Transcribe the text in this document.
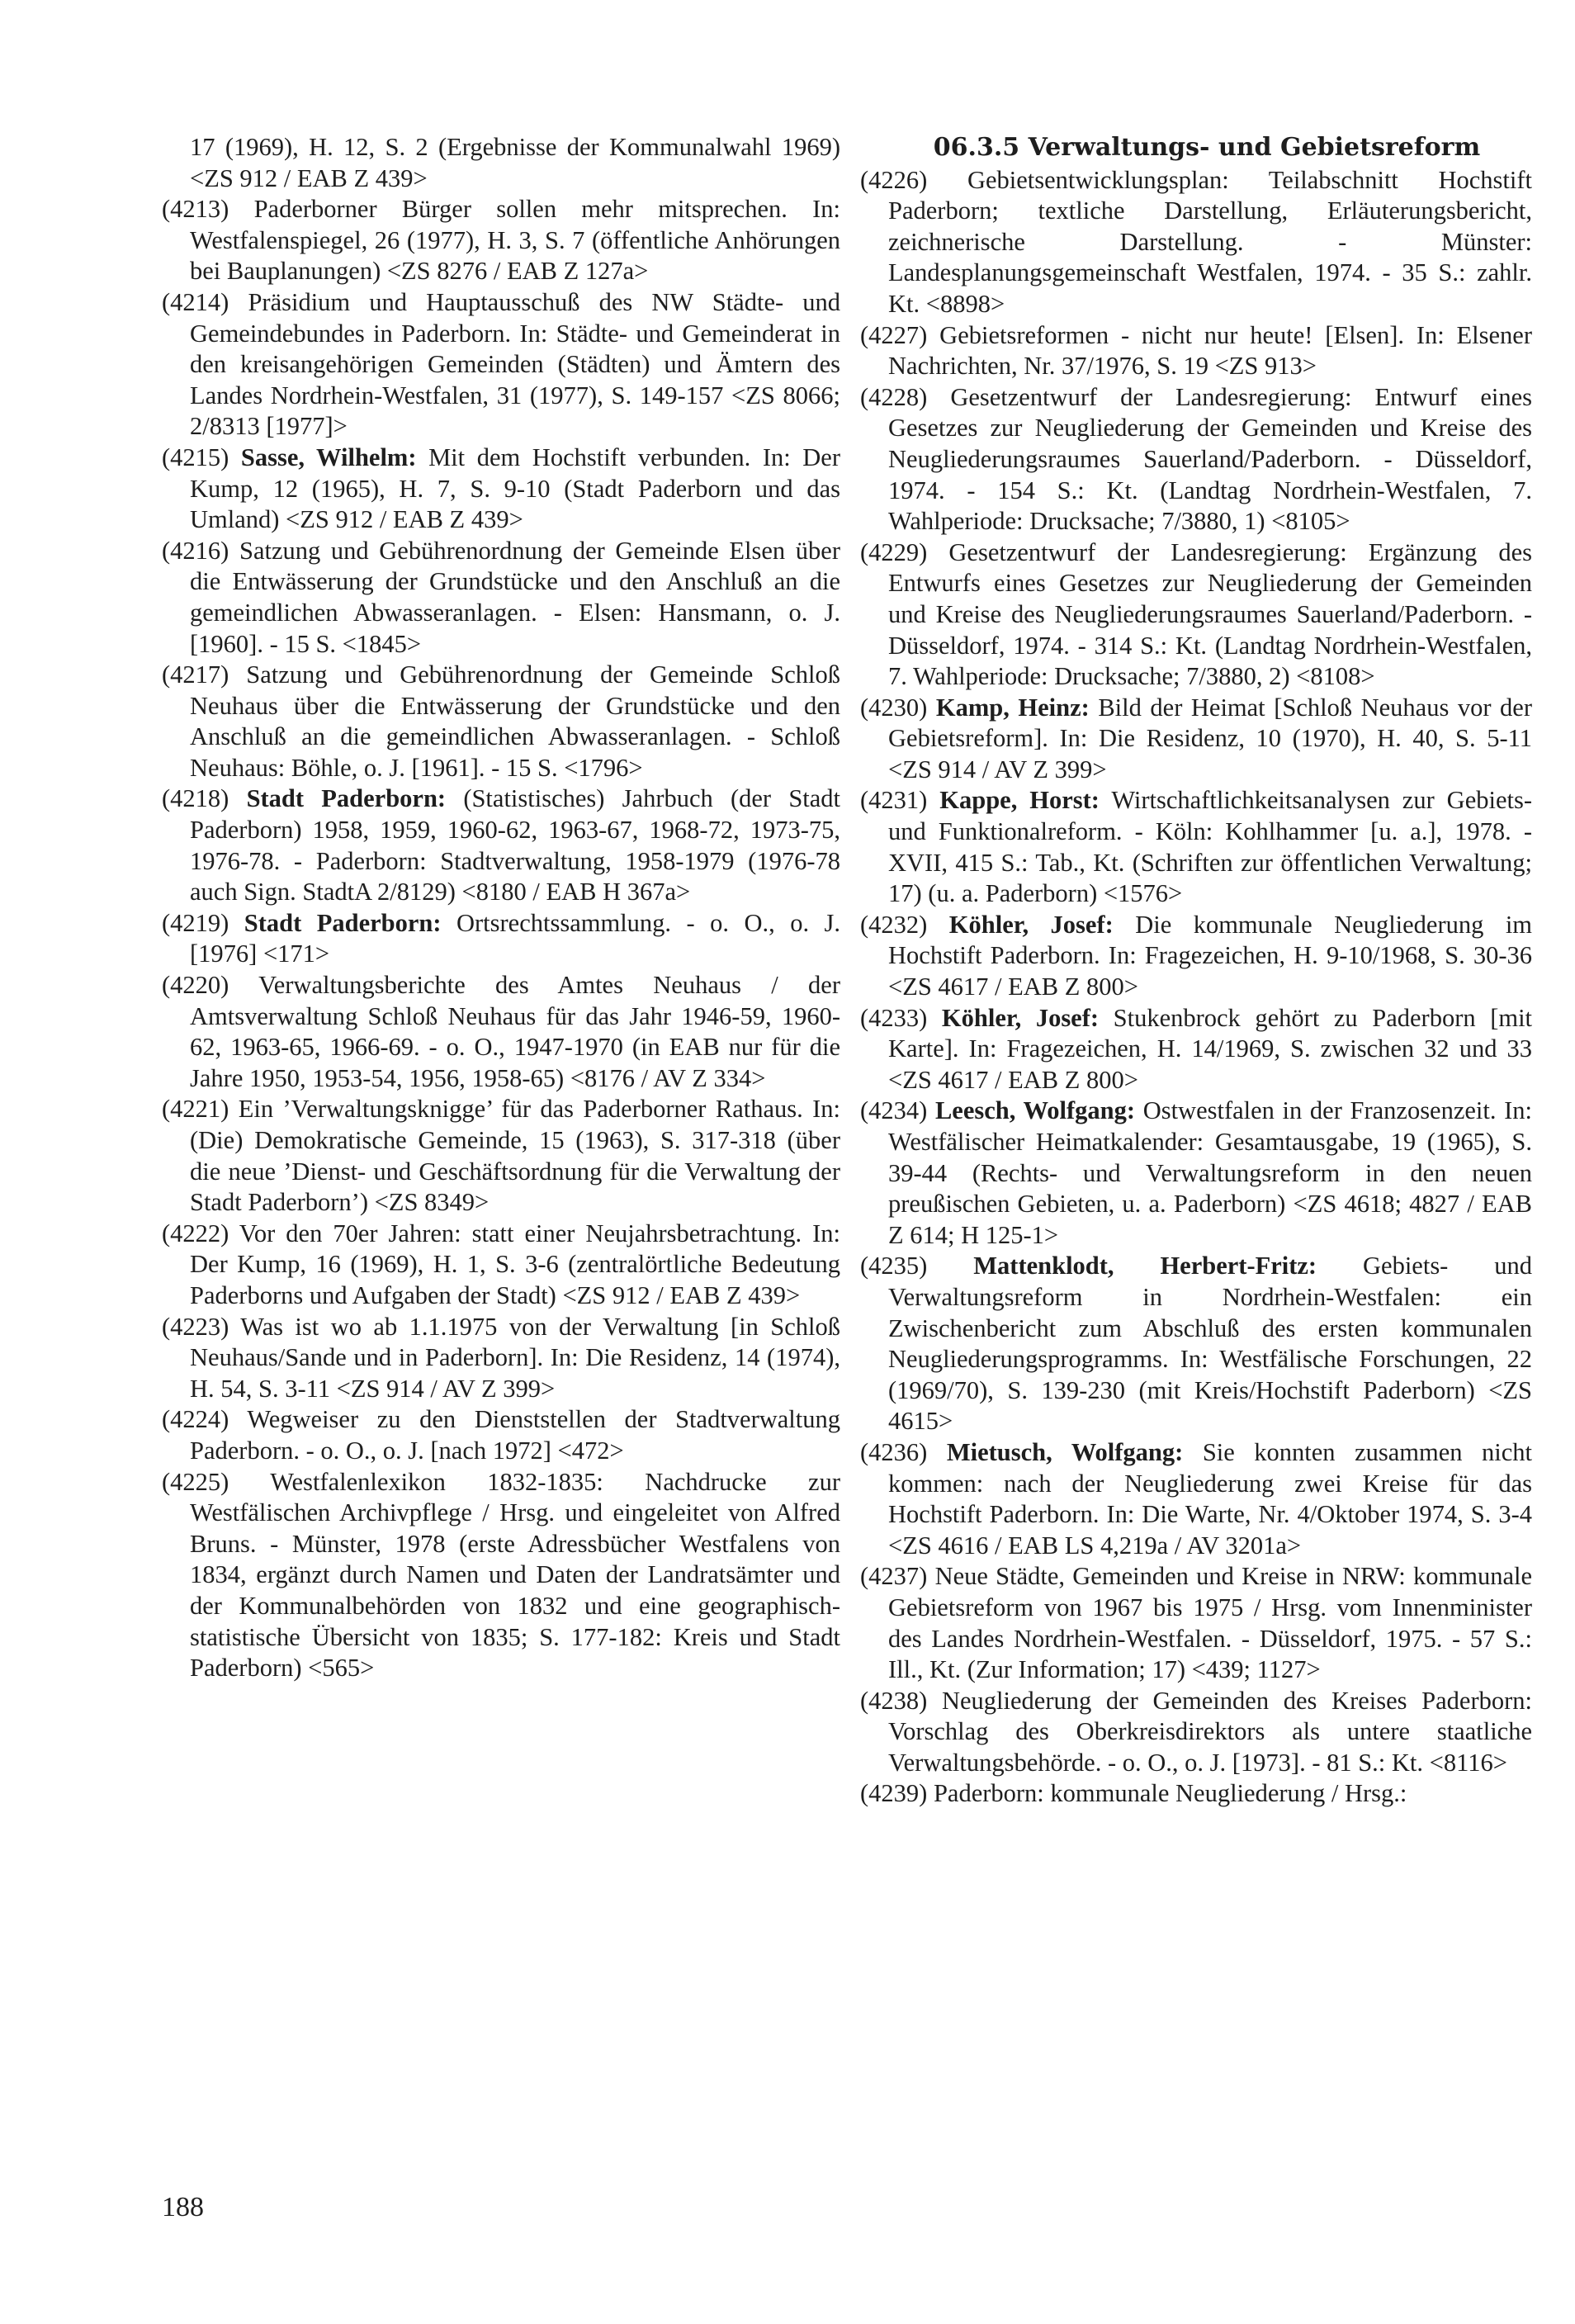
17 (1969), H. 12, S. 2 (Ergebnisse der Kommunalwahl 1969) <ZS 912 / EAB Z 439>

(4213) Paderborner Bürger sollen mehr mitsprechen. In: Westfalenspiegel, 26 (1977), H. 3, S. 7 (öffentliche Anhörungen bei Bauplanungen) <ZS 8276 / EAB Z 127a>

(4214) Präsidium und Hauptausschuß des NW Städte- und Gemeindebundes in Paderborn. In: Städte- und Gemeinderat in den kreisangehörigen Gemeinden (Städten) und Ämtern des Landes Nordrhein-Westfalen, 31 (1977), S. 149-157 <ZS 8066; 2/8313 [1977]>

(4215) Sasse, Wilhelm: Mit dem Hochstift verbunden. In: Der Kump, 12 (1965), H. 7, S. 9-10 (Stadt Paderborn und das Umland) <ZS 912 / EAB Z 439>

(4216) Satzung und Gebührenordnung der Gemeinde Elsen über die Entwässerung der Grundstücke und den Anschluß an die gemeindlichen Abwasseranlagen. - Elsen: Hansmann, o. J. [1960]. - 15 S. <1845>

(4217) Satzung und Gebührenordnung der Gemeinde Schloß Neuhaus über die Entwässerung der Grundstücke und den Anschluß an die gemeindlichen Abwasseranlagen. - Schloß Neuhaus: Böhle, o. J. [1961]. - 15 S. <1796>

(4218) Stadt Paderborn: (Statistisches) Jahrbuch (der Stadt Paderborn) 1958, 1959, 1960-62, 1963-67, 1968-72, 1973-75, 1976-78. - Paderborn: Stadtverwaltung, 1958-1979 (1976-78 auch Sign. StadtA 2/8129) <8180 / EAB H 367a>

(4219) Stadt Paderborn: Ortsrechtssammlung. - o. O., o. J. [1976] <171>

(4220) Verwaltungsberichte des Amtes Neuhaus / der Amtsverwaltung Schloß Neuhaus für das Jahr 1946-59, 1960-62, 1963-65, 1966-69. - o. O., 1947-1970 (in EAB nur für die Jahre 1950, 1953-54, 1956, 1958-65) <8176 / AV Z 334>

(4221) Ein ’Verwaltungsknigge’ für das Paderborner Rathaus. In: (Die) Demokratische Gemeinde, 15 (1963), S. 317-318 (über die neue ’Dienst- und Geschäftsordnung für die Verwaltung der Stadt Paderborn’) <ZS 8349>

(4222) Vor den 70er Jahren: statt einer Neujahrsbetrachtung. In: Der Kump, 16 (1969), H. 1, S. 3-6 (zentralörtliche Bedeutung Paderborns und Aufgaben der Stadt) <ZS 912 / EAB Z 439>

(4223) Was ist wo ab 1.1.1975 von der Verwaltung [in Schloß Neuhaus/Sande und in Paderborn]. In: Die Residenz, 14 (1974), H. 54, S. 3-11 <ZS 914 / AV Z 399>

(4224) Wegweiser zu den Dienststellen der Stadtverwaltung Paderborn. - o. O., o. J. [nach 1972] <472>

(4225) Westfalenlexikon 1832-1835: Nachdrucke zur Westfälischen Archivpflege / Hrsg. und eingeleitet von Alfred Bruns. - Münster, 1978 (erste Adressbücher Westfalens von 1834, ergänzt durch Namen und Daten der Landratsämter und der Kommunalbehörden von 1832 und eine geographisch-statistische Übersicht von 1835; S. 177-182: Kreis und Stadt Paderborn) <565>

06.3.5 Verwaltungs- und Gebietsreform

(4226) Gebietsentwicklungsplan: Teilabschnitt Hochstift Paderborn; textliche Darstellung, Erläuterungsbericht, zeichnerische Darstellung. - Münster: Landesplanungsgemeinschaft Westfalen, 1974. - 35 S.: zahlr. Kt. <8898>

(4227) Gebietsreformen - nicht nur heute! [Elsen]. In: Elsener Nachrichten, Nr. 37/1976, S. 19 <ZS 913>

(4228) Gesetzentwurf der Landesregierung: Entwurf eines Gesetzes zur Neugliederung der Gemeinden und Kreise des Neugliederungsraumes Sauerland/Paderborn. - Düsseldorf, 1974. - 154 S.: Kt. (Landtag Nordrhein-Westfalen, 7. Wahlperiode: Drucksache; 7/3880, 1) <8105>

(4229) Gesetzentwurf der Landesregierung: Ergänzung des Entwurfs eines Gesetzes zur Neugliederung der Gemeinden und Kreise des Neugliederungsraumes Sauerland/Paderborn. - Düsseldorf, 1974. - 314 S.: Kt. (Landtag Nordrhein-Westfalen, 7. Wahlperiode: Drucksache; 7/3880, 2) <8108>

(4230) Kamp, Heinz: Bild der Heimat [Schloß Neuhaus vor der Gebietsreform]. In: Die Residenz, 10 (1970), H. 40, S. 5-11 <ZS 914 / AV Z 399>

(4231) Kappe, Horst: Wirtschaftlichkeitsanalysen zur Gebiets- und Funktionalreform. - Köln: Kohlhammer [u. a.], 1978. - XVII, 415 S.: Tab., Kt. (Schriften zur öffentlichen Verwaltung; 17) (u. a. Paderborn) <1576>

(4232) Köhler, Josef: Die kommunale Neugliederung im Hochstift Paderborn. In: Fragezeichen, H. 9-10/1968, S. 30-36 <ZS 4617 / EAB Z 800>

(4233) Köhler, Josef: Stukenbrock gehört zu Paderborn [mit Karte]. In: Fragezeichen, H. 14/1969, S. zwischen 32 und 33 <ZS 4617 / EAB Z 800>

(4234) Leesch, Wolfgang: Ostwestfalen in der Franzosenzeit. In: Westfälischer Heimatkalender: Gesamtausgabe, 19 (1965), S. 39-44 (Rechts- und Verwaltungsreform in den neuen preußischen Gebieten, u. a. Paderborn) <ZS 4618; 4827 / EAB Z 614; H 125-1>

(4235) Mattenklodt, Herbert-Fritz: Gebiets- und Verwaltungsreform in Nordrhein-Westfalen: ein Zwischenbericht zum Abschluß des ersten kommunalen Neugliederungsprogramms. In: Westfälische Forschungen, 22 (1969/70), S. 139-230 (mit Kreis/Hochstift Paderborn) <ZS 4615>

(4236) Mietusch, Wolfgang: Sie konnten zusammen nicht kommen: nach der Neugliederung zwei Kreise für das Hochstift Paderborn. In: Die Warte, Nr. 4/Oktober 1974, S. 3-4 <ZS 4616 / EAB LS 4,219a / AV 3201a>

(4237) Neue Städte, Gemeinden und Kreise in NRW: kommunale Gebietsreform von 1967 bis 1975 / Hrsg. vom Innenminister des Landes Nordrhein-Westfalen. - Düsseldorf, 1975. - 57 S.: Ill., Kt. (Zur Information; 17) <439; 1127>

(4238) Neugliederung der Gemeinden des Kreises Paderborn: Vorschlag des Oberkreisdirektors als untere staatliche Verwaltungsbehörde. - o. O., o. J. [1973]. - 81 S.: Kt. <8116>

(4239) Paderborn: kommunale Neugliederung / Hrsg.:

188
